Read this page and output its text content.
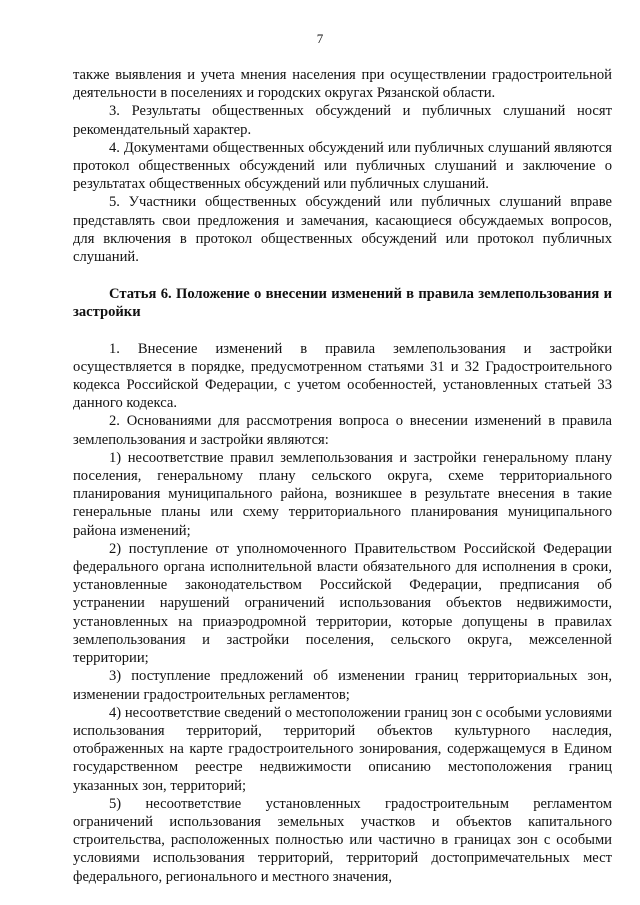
7

также выявления и учета мнения населения при осуществлении градостроительной деятельности в поселениях и городских округах Рязанской области.

3. Результаты общественных обсуждений и публичных слушаний носят рекомендательный характер.

4. Документами общественных обсуждений или публичных слушаний являются протокол общественных обсуждений или публичных слушаний и заключение о результатах общественных обсуждений или публичных слушаний.

5. Участники общественных обсуждений или публичных слушаний вправе представлять свои предложения и замечания, касающиеся обсуждаемых вопросов, для включения в протокол общественных обсуждений или протокол публичных слушаний.

Статья 6. Положение о внесении изменений в правила землепользования и застройки

1. Внесение изменений в правила землепользования и застройки осуществляется в порядке, предусмотренном статьями 31 и 32 Градостроительного кодекса Российской Федерации, с учетом особенностей, установленных статьей 33 данного кодекса.

2. Основаниями для рассмотрения вопроса о внесении изменений в правила землепользования и застройки являются:

1) несоответствие правил землепользования и застройки генеральному плану поселения, генеральному плану сельского округа, схеме территориального планирования муниципального района, возникшее в результате внесения в такие генеральные планы или схему территориального планирования муниципального района изменений;

2) поступление от уполномоченного Правительством Российской Федерации федерального органа исполнительной власти обязательного для исполнения в сроки, установленные законодательством Российской Федерации, предписания об устранении нарушений ограничений использования объектов недвижимости, установленных на приаэродромной территории, которые допущены в правилах землепользования и застройки поселения, сельского округа, межселенной территории;

3) поступление предложений об изменении границ территориальных зон, изменении градостроительных регламентов;

4) несоответствие сведений о местоположении границ зон с особыми условиями использования территорий, территорий объектов культурного наследия, отображенных на карте градостроительного зонирования, содержащемуся в Едином государственном реестре недвижимости описанию местоположения границ указанных зон, территорий;

5) несоответствие установленных градостроительным регламентом ограничений использования земельных участков и объектов капитального строительства, расположенных полностью или частично в границах зон с особыми условиями использования территорий, территорий достопримечательных мест федерального, регионального и местного значения,
